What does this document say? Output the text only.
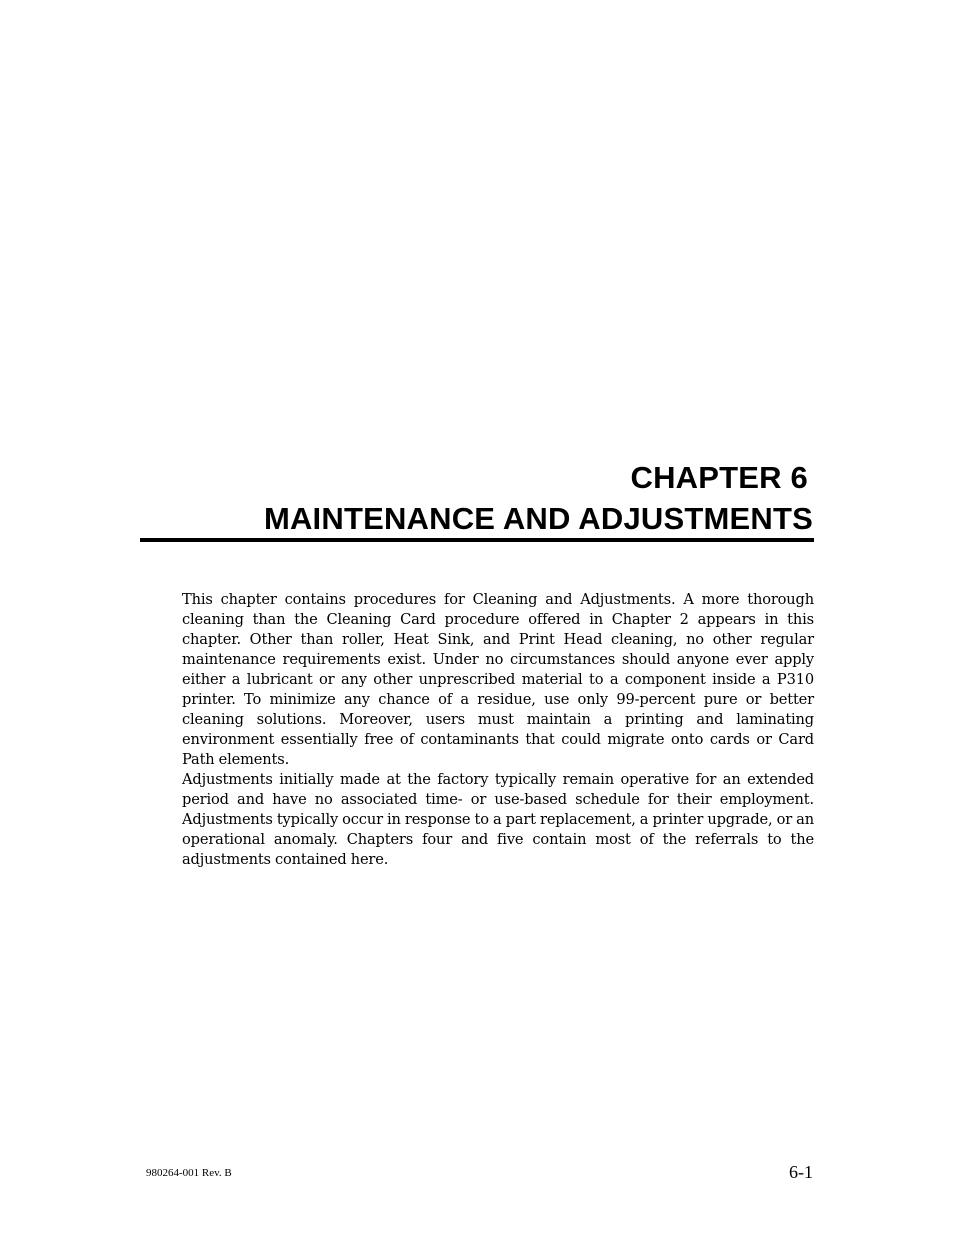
CHAPTER 6
MAINTENANCE AND ADJUSTMENTS

This chapter contains procedures for Cleaning and Adjustments. A more thorough cleaning than the Cleaning Card procedure offered in Chapter 2 appears in this chapter. Other than roller, Heat Sink, and Print Head cleaning, no other regular maintenance requirements exist. Under no circumstances should anyone ever apply either a lubricant or any other unprescribed material to a component inside a P310 printer. To minimize any chance of a residue, use only 99-percent pure or better cleaning solutions. Moreover, users must maintain a printing and laminating environment essentially free of contaminants that could migrate onto cards or Card Path elements.

Adjustments initially made at the factory typically remain operative for an extended period and have no associated time- or use-based schedule for their employment. Adjustments typically occur in response to a part replacement, a printer upgrade, or an operational anomaly. Chapters four and five contain most of the referrals to the adjustments contained here.

980264-001 Rev. B	6-1
